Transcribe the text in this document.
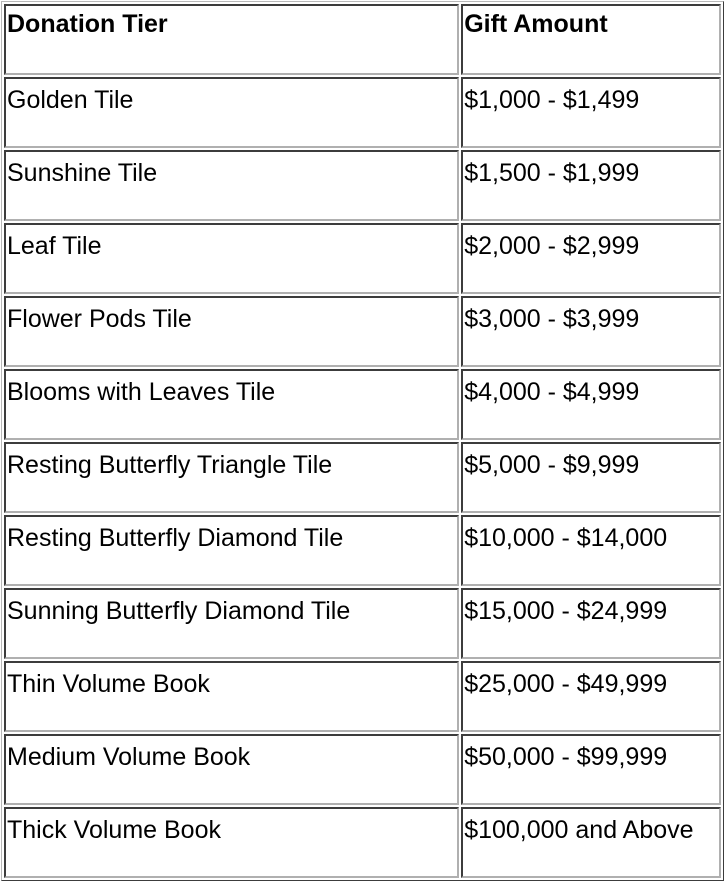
Donation Tier	Gift Amount
Golden Tile	$1,000 - $1,499
Sunshine Tile	$1,500 - $1,999
Leaf Tile	$2,000 - $2,999
Flower Pods Tile	$3,000 - $3,999
Blooms with Leaves Tile	$4,000 - $4,999
Resting Butterfly Triangle Tile	$5,000 - $9,999
Resting Butterfly Diamond Tile	$10,000 - $14,000
Sunning Butterfly Diamond Tile	$15,000 - $24,999
Thin Volume Book	$25,000 - $49,999
Medium Volume Book	$50,000 - $99,999
Thick Volume Book	$100,000 and Above
